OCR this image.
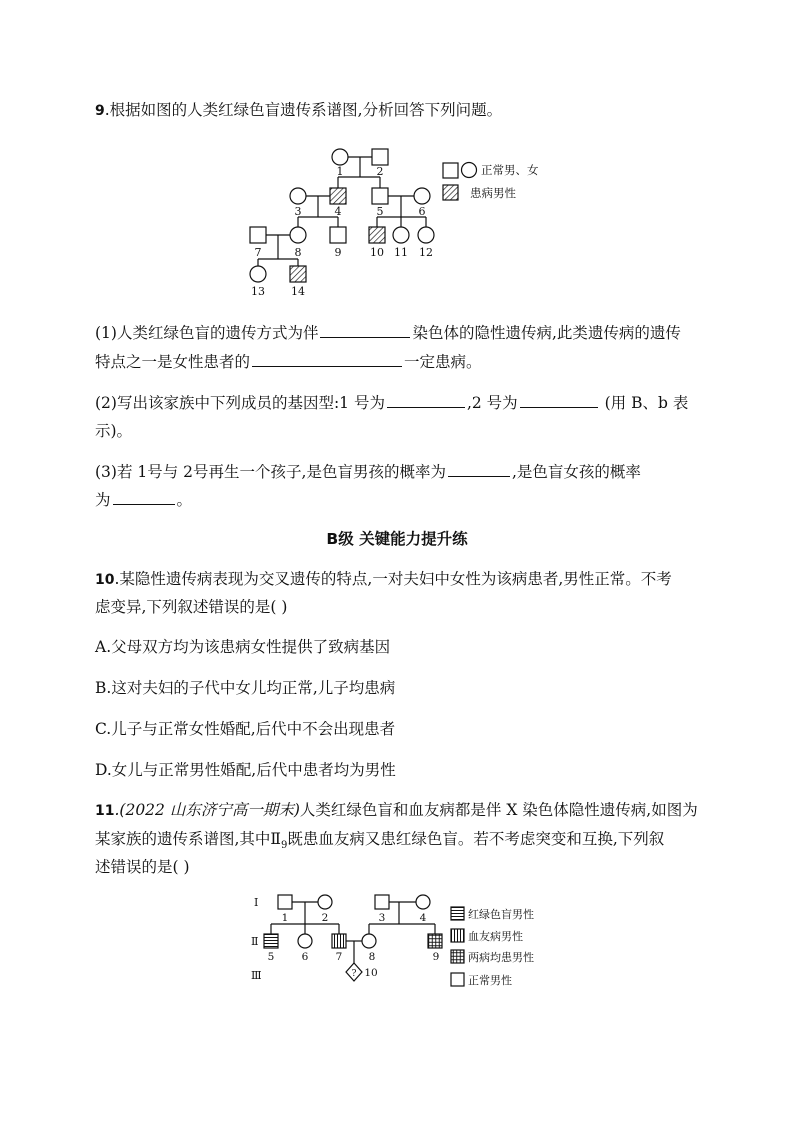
9.根据如图的人类红绿色盲遗传系谱图,分析回答下列问题。
1	2
3	4	5	6
7	8	9	10 11 12
13 14
正常男、女
患病男性
(1)人类红绿色盲的遗传方式为伴	染色体的隐性遗传病,此类遗传病的遗传
特点之一是女性患者的	一定患病。
(2)写出该家族中下列成员的基因型:1 号为	,2 号为	(用 B、b 表
示)。
(3)若 1号与 2号再生一个孩子,是色盲男孩的概率为	,是色盲女孩的概率
为	。
B级 关键能力提升练
10.某隐性遗传病表现为交叉遗传的特点,一对夫妇中女性为该病患者,男性正常。不考
虑变异,下列叙述错误的是( )
A.父母双方均为该患病女性提供了致病基因
B.这对夫妇的子代中女儿均正常,儿子均患病
C.儿子与正常女性婚配,后代中不会出现患者
D.女儿与正常男性婚配,后代中患者均为男性
11.(2022 山东济宁高一期末)人类红绿色盲和血友病都是伴 X 染色体隐性遗传病,如图为
某家族的遗传系谱图,其中$Ⅱ_9$既患血友病又患红绿色盲。若不考虑突变和互换,下列叙
述错误的是( )
Ⅰ
Ⅱ
Ⅲ
1	2	3	4
5	6	7	8	9
10
?
红绿色盲男性
血友病男性
两病均患男性
正常男性
